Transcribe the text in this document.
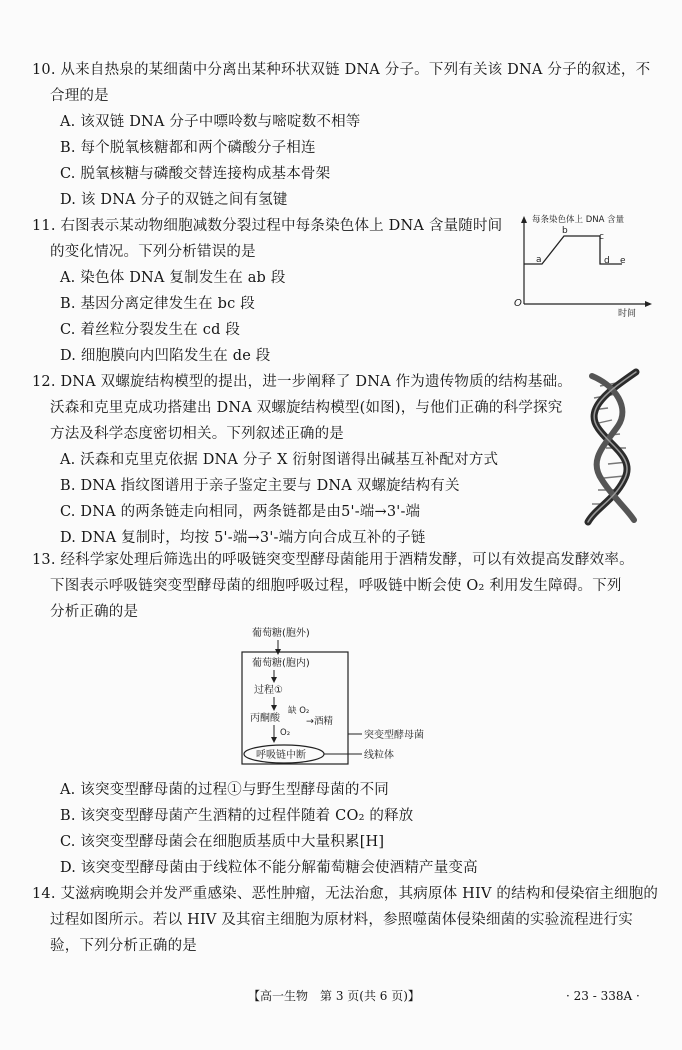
10. 从来自热泉的某细菌中分离出某种环状双链 DNA 分子。下列有关该 DNA 分子的叙述，不
合理的是
A. 该双链 DNA 分子中嘌呤数与嘧啶数不相等
B. 每个脱氧核糖都和两个磷酸分子相连
C. 脱氧核糖与磷酸交替连接构成基本骨架
D. 该 DNA 分子的双链之间有氢键
11. 右图表示某动物细胞减数分裂过程中每条染色体上 DNA 含量随时间
的变化情况。下列分析错误的是
A. 染色体 DNA 复制发生在 ab 段
B. 基因分离定律发生在 bc 段
C. 着丝粒分裂发生在 cd 段
D. 细胞膜向内凹陷发生在 de 段
每条染色体上 DNA 含量
a
b
c
d e
O
时间
12. DNA 双螺旋结构模型的提出，进一步阐释了 DNA 作为遗传物质的结构基础。
沃森和克里克成功搭建出 DNA 双螺旋结构模型(如图)，与他们正确的科学探究
方法及科学态度密切相关。下列叙述正确的是
A. 沃森和克里克依据 DNA 分子 X 衍射图谱得出碱基互补配对方式
B. DNA 指纹图谱用于亲子鉴定主要与 DNA 双螺旋结构有关
C. DNA 的两条链走向相同，两条链都是由5'-端→3'-端
D. DNA 复制时，均按 5'-端→3'-端方向合成互补的子链
13. 经科学家处理后筛选出的呼吸链突变型酵母菌能用于酒精发酵，可以有效提高发酵效率。
下图表示呼吸链突变型酵母菌的细胞呼吸过程，呼吸链中断会使 O₂ 利用发生障碍。下列
分析正确的是
葡萄糖(胞外)
葡萄糖(胞内)
过程①
丙酮酸
缺 O₂
→酒精
O₂
呼吸链中断
突变型酵母菌
线粒体
A. 该突变型酵母菌的过程①与野生型酵母菌的不同
B. 该突变型酵母菌产生酒精的过程伴随着 CO₂ 的释放
C. 该突变型酵母菌会在细胞质基质中大量积累[H]
D. 该突变型酵母菌由于线粒体不能分解葡萄糖会使酒精产量变高
14. 艾滋病晚期会并发严重感染、恶性肿瘤，无法治愈，其病原体 HIV 的结构和侵染宿主细胞的
过程如图所示。若以 HIV 及其宿主细胞为原材料，参照噬菌体侵染细菌的实验流程进行实
验，下列分析正确的是
【高一生物　第 3 页(共 6 页)】	· 23 - 338A ·
